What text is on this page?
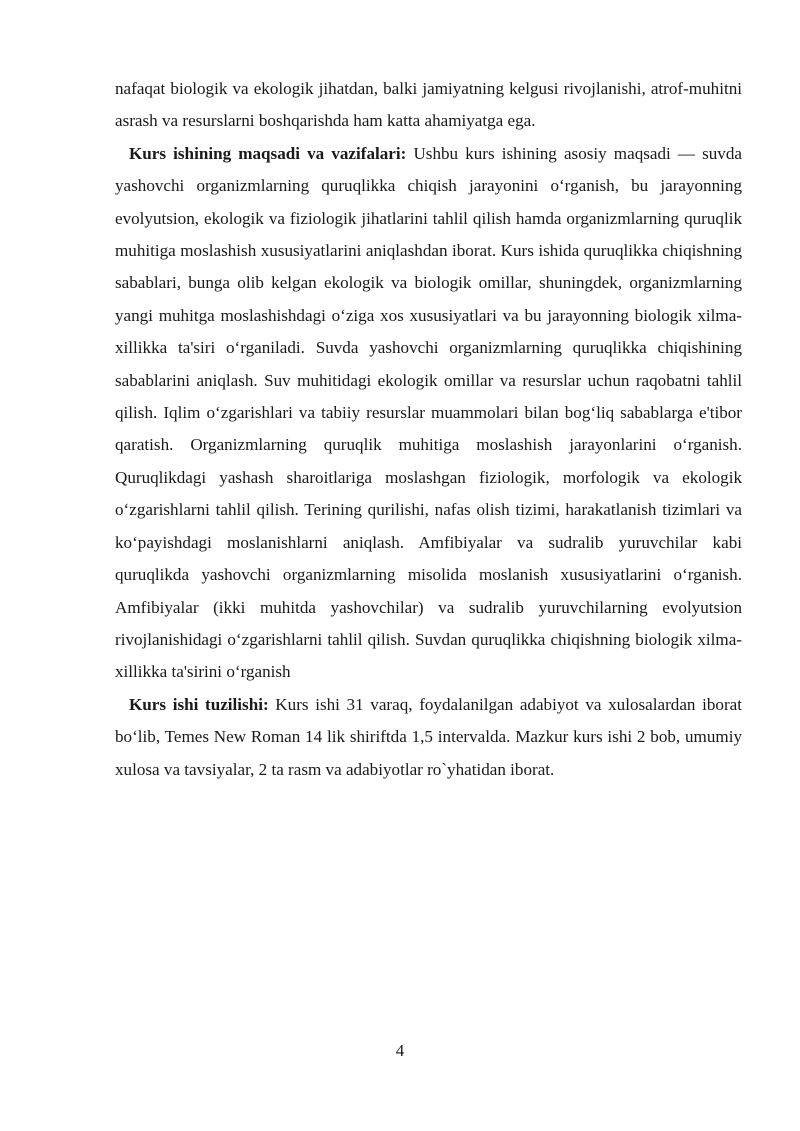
nafaqat biologik va ekologik jihatdan, balki jamiyatning kelgusi rivojlanishi, atrof-muhitni asrash va resurslarni boshqarishda ham katta ahamiyatga ega.

Kurs ishining maqsadi va vazifalari: Ushbu kurs ishining asosiy maqsadi — suvda yashovchi organizmlarning quruqlikka chiqish jarayonini o‘rganish, bu jarayonning evolyutsion, ekologik va fiziologik jihatlarini tahlil qilish hamda organizmlarning quruqlik muhitiga moslashish xususiyatlarini aniqlashdan iborat. Kurs ishida quruqlikka chiqishning sabablari, bunga olib kelgan ekologik va biologik omillar, shuningdek, organizmlarning yangi muhitga moslashishdagi o‘ziga xos xususiyatlari va bu jarayonning biologik xilma-xillikka ta'siri o‘rganiladi. Suvda yashovchi organizmlarning quruqlikka chiqishining sabablarini aniqlash. Suv muhitidagi ekologik omillar va resurslar uchun raqobatni tahlil qilish. Iqlim o‘zgarishlari va tabiiy resurslar muammolari bilan bog‘liq sabablarga e'tibor qaratish. Organizmlarning quruqlik muhitiga moslashish jarayonlarini o‘rganish. Quruqlikdagi yashash sharoitlariga moslashgan fiziologik, morfologik va ekologik o‘zgarishlarni tahlil qilish. Terining qurilishi, nafas olish tizimi, harakatlanish tizimlari va ko‘payishdagi moslanishlarni aniqlash. Amfibiyalar va sudralib yuruvchilar kabi quruqlikda yashovchi organizmlarning misolida moslanish xususiyatlarini o‘rganish. Amfibiyalar (ikki muhitda yashovchilar) va sudralib yuruvchilarning evolyutsion rivojlanishidagi o‘zgarishlarni tahlil qilish. Suvdan quruqlikka chiqishning biologik xilma-xillikka ta'sirini o‘rganish

Kurs ishi tuzilishi: Kurs ishi 31 varaq, foydalanilgan adabiyot va xulosalardan iborat bo‘lib, Temes New Roman 14 lik shiriftda 1,5 intervalda. Mazkur kurs ishi 2 bob, umumiy xulosa va tavsiyalar, 2 ta rasm va adabiyotlar ro`yhatidan iborat.

4
